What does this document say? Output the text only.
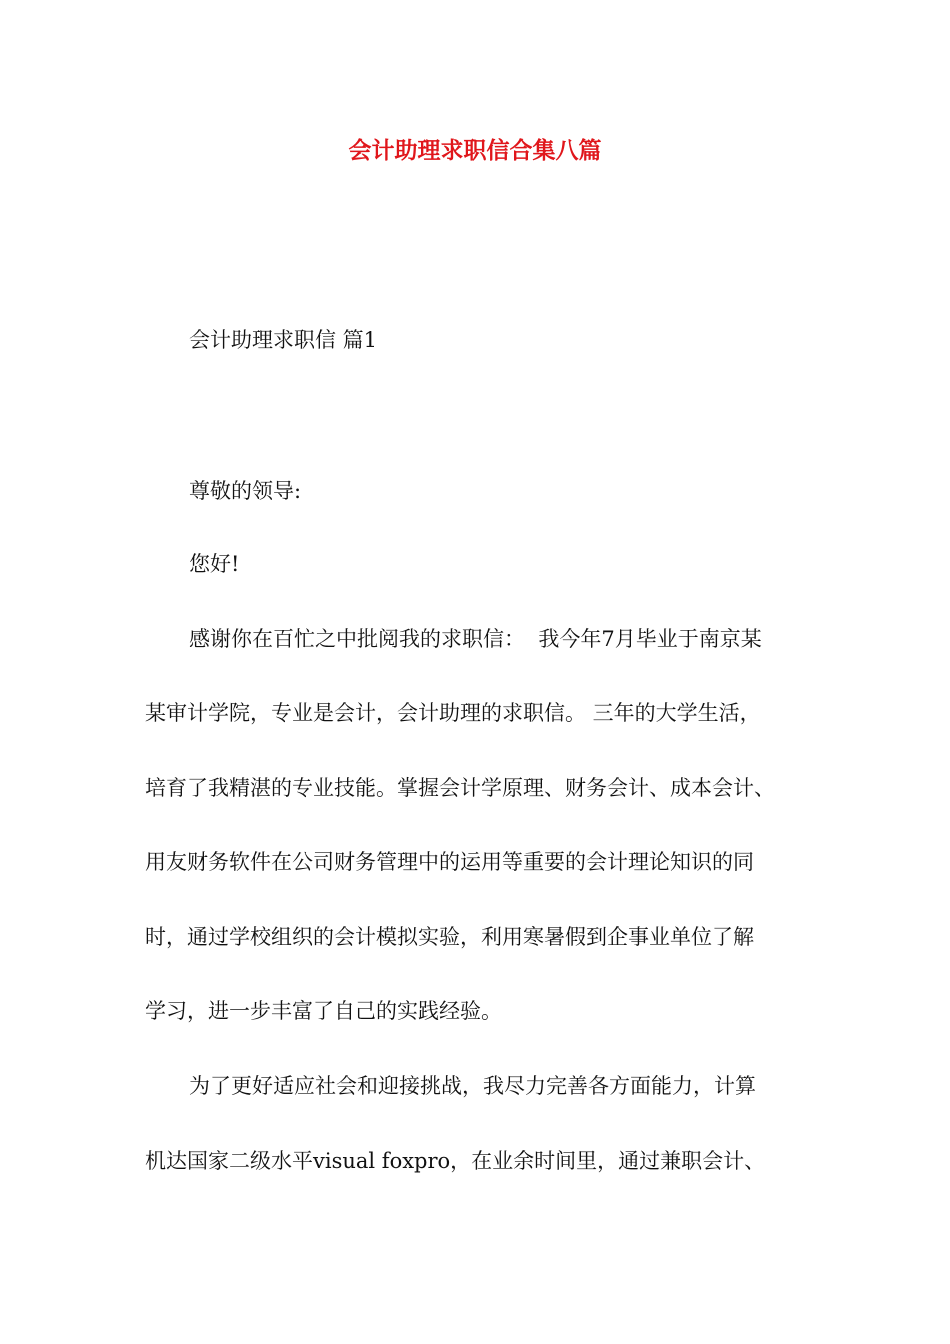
会计助理求职信合集八篇

会计助理求职信 篇1

尊敬的领导:

您好!

感谢你在百忙之中批阅我的求职信：  我今年7月毕业于南京某

某审计学院，专业是会计，会计助理的求职信。 三年的大学生活，

培育了我精湛的专业技能。掌握会计学原理、财务会计、成本会计、

用友财务软件在公司财务管理中的运用等重要的会计理论知识的同

时，通过学校组织的会计模拟实验，利用寒暑假到企事业单位了解

学习，进一步丰富了自己的实践经验。

为了更好适应社会和迎接挑战，我尽力完善各方面能力，计算

机达国家二级水平visual foxpro，在业余时间里，通过兼职会计、
